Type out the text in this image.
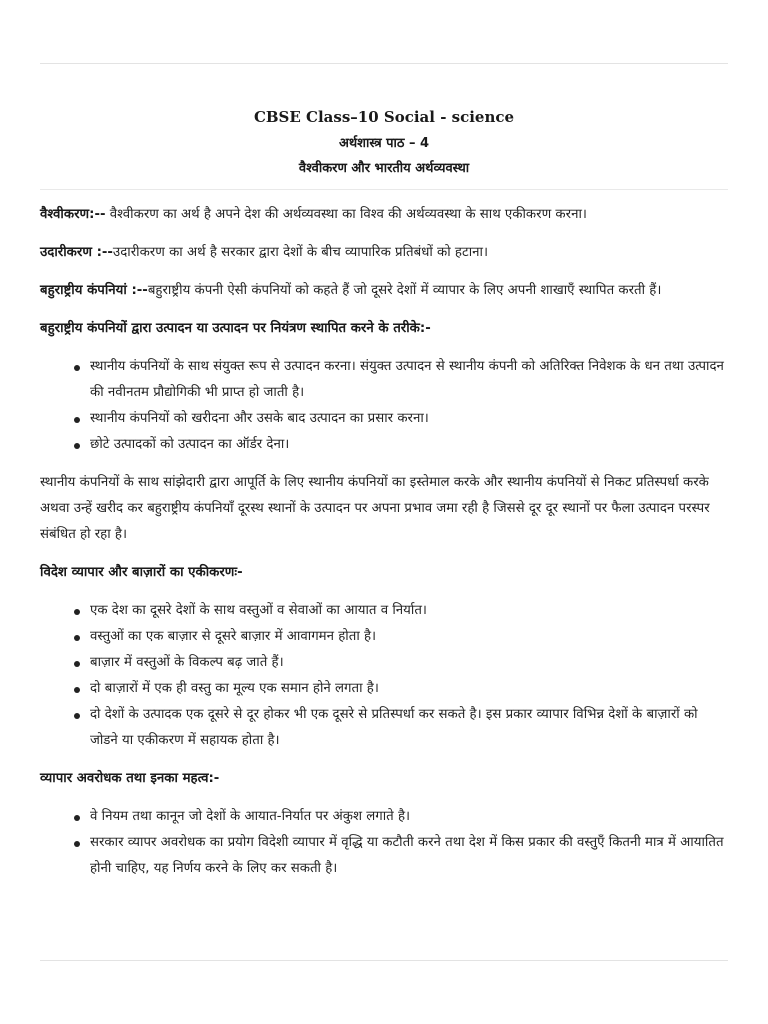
CBSE Class–10 Social - science
अर्थशास्त्र पाठ – 4
वैश्वीकरण और भारतीय अर्थव्यवस्था

वैश्वीकरण:-- वैश्वीकरण का अर्थ है अपने देश की अर्थव्यवस्था का विश्व की अर्थव्यवस्था के साथ एकीकरण करना।

उदारीकरण :--उदारीकरण का अर्थ है सरकार द्वारा देशों के बीच व्यापारिक प्रतिबंधों को हटाना।

बहुराष्ट्रीय कंपनियां :--बहुराष्ट्रीय कंपनी ऐसी कंपनियों को कहते हैं जो दूसरे देशों में व्यापार के लिए अपनी शाखाएँ स्थापित करती हैं।

बहुराष्ट्रीय कंपनियों द्वारा उत्पादन या उत्पादन पर नियंत्रण स्थापित करने के तरीके:-
स्थानीय कंपनियों के साथ संयुक्त रूप से उत्पादन करना। संयुक्त उत्पादन से स्थानीय कंपनी को अतिरिक्त निवेशक के धन तथा उत्पादन की नवीनतम प्रौद्योगिकी भी प्राप्त हो जाती है।
स्थानीय कंपनियों को खरीदना और उसके बाद उत्पादन का प्रसार करना।
छोटे उत्पादकों को उत्पादन का ऑर्डर देना।

स्थानीय कंपनियों के साथ सांझेदारी द्वारा आपूर्ति के लिए स्थानीय कंपनियों का इस्तेमाल करके और स्थानीय कंपनियों से निकट प्रतिस्पर्धा करके अथवा उन्हें खरीद कर बहुराष्ट्रीय कंपनियाँ दूरस्थ स्थानों के उत्पादन पर अपना प्रभाव जमा रही है जिससे दूर दूर स्थानों पर फैला उत्पादन परस्पर संबंधित हो रहा है।

विदेश व्यापार और बाज़ारों का एकीकरणः-
एक देश का दूसरे देशों के साथ वस्तुओं व सेवाओं का आयात व निर्यात।
वस्तुओं का एक बाज़ार से दूसरे बाज़ार में आवागमन होता है।
बाज़ार में वस्तुओं के विकल्प बढ़ जाते हैं।
दो बाज़ारों में एक ही वस्तु का मूल्य एक समान होने लगता है।
दो देशों के उत्पादक एक दूसरे से दूर होकर भी एक दूसरे से प्रतिस्पर्धा कर सकते है। इस प्रकार व्यापार विभिन्न देशों के बाज़ारों को जोडने या एकीकरण में सहायक होता है।
व्यापार अवरोधक तथा इनका महत्व:-
वे नियम तथा कानून जो देशों के आयात-निर्यात पर अंकुश लगाते है।
सरकार व्यापर अवरोधक का प्रयोग विदेशी व्यापार में वृद्धि या कटौती करने तथा देश में किस प्रकार की वस्तुएँ कितनी मात्र में आयातित होनी चाहिए, यह निर्णय करने के लिए कर सकती है।
